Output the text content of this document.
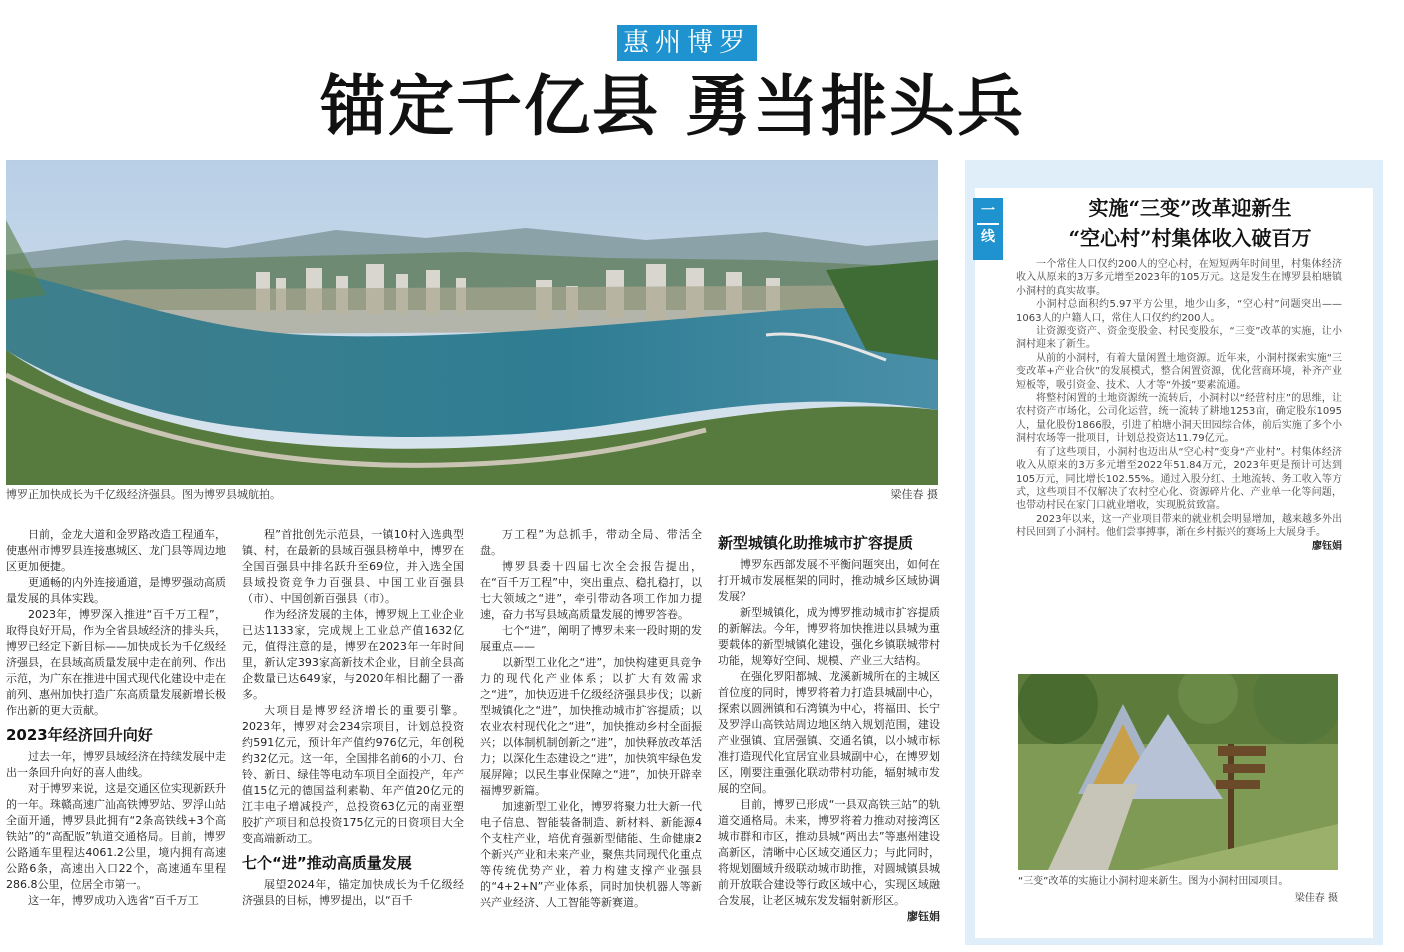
惠州博罗
锚定千亿县 勇当排头兵
博罗正加快成长为千亿级经济强县。图为博罗县城航拍。	梁佳春 摄

日前，金龙大道和金罗路改造工程通车，使惠州市博罗县连接惠城区、龙门县等周边地区更加便捷。

更通畅的内外连接通道，是博罗强动高质量发展的具体实践。

2023年，博罗深入推进“百千万工程”，取得良好开局，作为全省县域经济的排头兵，博罗已经定下新目标——加快成长为千亿级经济强县，在县域高质量发展中走在前列、作出示范，为广东在推进中国式现代化建设中走在前列、惠州加快打造广东高质量发展新增长极作出新的更大贡献。

2023年经济回升向好

过去一年，博罗县域经济在持续发展中走出一条回升向好的喜人曲线。

对于博罗来说，这是交通区位实现新跃升的一年。珠赣高速广汕高铁博罗站、罗浮山站全面开通，博罗县此拥有“2条高铁线+3个高铁站”的“高配版”轨道交通格局。目前，博罗公路通车里程达4061.2公里，境内拥有高速公路6条，高速出入口22个，高速通车里程286.8公里，位居全市第一。

这一年，博罗成功入选省“百千万工

程”首批创先示范县，一镇10村入选典型镇、村，在最新的县域百强县榜单中，博罗在全国百强县中排名跃升至69位，并入选全国县域投资竞争力百强县、中国工业百强县（市）、中国创新百强县（市）。

作为经济发展的主体，博罗规上工业企业已达1133家，完成规上工业总产值1632亿元，值得注意的是，博罗在2023年一年时间里，新认定393家高新技术企业，目前全县高企数量已达649家，与2020年相比翻了一番多。

大项目是博罗经济增长的重要引擎。2023年，博罗对会234宗项目，计划总投资约591亿元，预计年产值约976亿元，年创税约32亿元。这一年，全国排名前6的小刀、台铃、新日、绿佳等电动车项目全面投产，年产值15亿元的德国益利素勒、年产值20亿元的江丰电子增减投产，总投资63亿元的南亚塑胶扩产项目和总投资175亿元的日资项目大全变高端新动工。

七个“进”推动高质量发展

展望2024年，锚定加快成长为千亿级经济强县的目标，博罗提出，以“百千

万工程”为总抓手，带动全局、带活全盘。

博罗县委十四届七次全会报告提出，在“百千万工程”中，突出重点、稳扎稳打，以七大领域之“进”，牵引带动各项工作加力提速，奋力书写县域高质量发展的博罗答卷。

七个“进”，阐明了博罗未来一段时期的发展重点——

以新型工业化之“进”，加快构建更具竞争力的现代化产业体系；以扩大有效需求之“进”，加快迈进千亿级经济强县步伐；以新型城镇化之“进”，加快推动城市扩容提质；以农业农村现代化之“进”，加快推动乡村全面振兴；以体制机制创新之“进”，加快释放改革活力；以深化生态建设之“进”，加快筑牢绿色发展屏障；以民生事业保障之“进”，加快开辟幸福博罗新篇。

加速新型工业化，博罗将聚力壮大新一代电子信息、智能装备制造、新材料、新能源4个支柱产业，培优育强新型储能、生命健康2个新兴产业和未来产业，聚焦共同现代化重点等传统优势产业，着力构建支撑产业强县的“4+2+N”产业体系，同时加快机器人等新兴产业经济、人工智能等新赛道。

新型城镇化助推城市扩容提质

博罗东西部发展不平衡问题突出，如何在打开城市发展框架的同时，推动城乡区域协调发展？

新型城镇化，成为博罗推动城市扩容提质的新解法。今年，博罗将加快推进以县城为重要载体的新型城镇化建设，强化乡镇联城带村功能，规筹好空间、规模、产业三大结构。

在强化罗阳都城、龙溪新城所在的主城区首位度的同时，博罗将着力打造县城副中心，探索以圆洲镇和石湾镇为中心，将福田、长宁及罗浮山高铁站周边地区纳入规划范围，建设产业强镇、宜居强镇、交通名镇，以小城市标准打造现代化宜居宜业县城副中心，在博罗划区，刚要注重强化联动带村功能，辐射城市发展的空间。

目前，博罗已形成“一县双高铁三站”的轨道交通格局。未来，博罗将着力推动对接湾区城市群和市区，推动县城“两出去”等惠州建设高新区，清晰中心区域交通区力；与此同时，将规划圈域升级联动城市助推，对圆城镇县城前开放联合建设等行政区域中心，实现区域融合发展，让老区城东发发辐射新形区。

廖钰娟

一
线
实施“三变”改革迎新生
“空心村”村集体收入破百万

一个常住人口仅约200人的空心村，在短短两年时间里，村集体经济收入从原来的3万多元增至2023年的105万元。这是发生在博罗县柏塘镇小洞村的真实故事。

小洞村总面积约5.97平方公里，地少山多，“空心村”问题突出——1063人的户籍人口，常住人口仅约约200人。

让资源变资产、资金变股金、村民变股东，“三变”改革的实施，让小洞村迎来了新生。

从前的小洞村，有着大量闲置土地资源。近年来，小洞村探索实施“三变改革+产业合伙”的发展模式，整合闲置资源，优化营商环境，补齐产业短板等，吸引资金、技术、人才等“外援”要素流通。

将整村闲置的土地资源统一流转后，小洞村以“经营村庄”的思维，让农村资产市场化，公司化运营，统一流转了耕地1253亩，确定股东1095人，量化股份1866股，引进了柏塘小洞天田园综合体，前后实施了多个小洞村农场等一批项目，计划总投资达11.79亿元。

有了这些项目，小洞村也迈出从“空心村”变身“产业村”。村集体经济收入从原来的3万多元增至2022年51.84万元，2023年更是预计可达到105万元，同比增长102.55%。通过入股分红、土地流转、务工收入等方式，这些项目不仅解决了农村空心化、资源碎片化、产业单一化等问题，也带动村民在家门口就业增收，实现脱贫致富。

2023年以来，这一产业项目带来的就业机会明显增加，越来越多外出村民回到了小洞村。他们尝事搏事，渐在乡村振兴的赛场上大展身手。

廖钰娟

“三变”改革的实施让小洞村迎来新生。图为小洞村田园项目。
梁佳春 摄
